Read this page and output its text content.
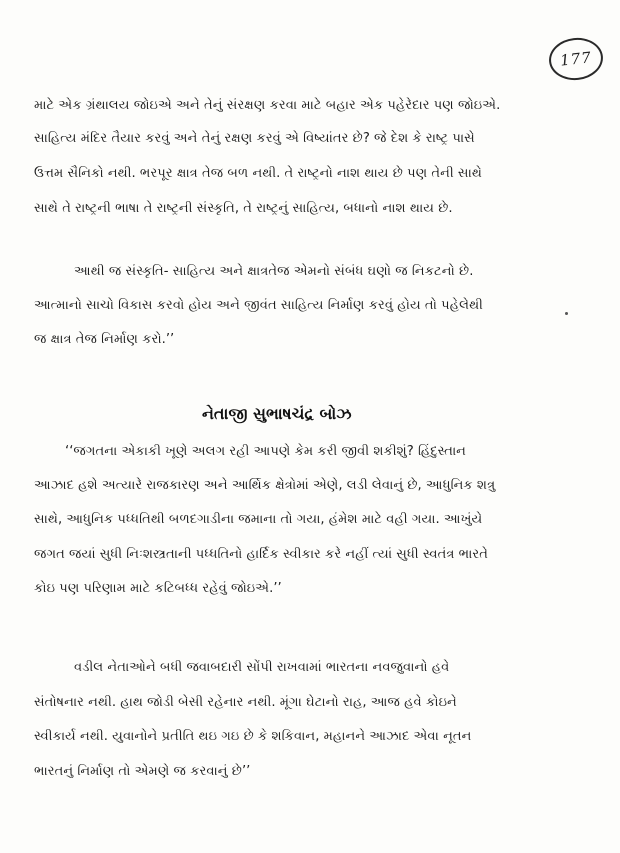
177
માટે એક ગ્રંથાલય જોઇએ અને તેનું સંરક્ષણ કરવા માટે બહાર એક પહેરેદાર પણ જોઇએ.
સાહિત્ય મંદિર તૈયાર કરવું અને તેનું રક્ષણ કરવું એ વિષ્યાંતર છે? જે દેશ કે રાષ્ટ્ર પાસે
ઉત્તમ સૈનિકો નથી. ભરપૂર ક્ષાત્ર તેજ બળ નથી. તે રાષ્ટ્રનો નાશ થાય છે પણ તેની સાથે
સાથે તે રાષ્ટ્રની ભાષા તે રાષ્ટ્રની સંસ્કૃતિ, તે રાષ્ટ્રનું સાહિત્ય, બધાનો નાશ થાય છે.
આથી જ સંસ્કૃતિ- સાહિત્ય અને ક્ષાત્રતેજ એમનો સંબંધ ઘણો જ નિકટનો છે.
આત્માનો સાચો વિકાસ કરવો હોય અને જીવંત સાહિત્ય નિર્માણ કરવું હોય તો પહેલેથી
જ ક્ષાત્ર તેજ નિર્માણ કરો.’’
નેતાજી સુભાષચંદ્ર બોઝ
‘‘જગતના એકાકી ખૂણે અલગ રહી આપણે કેમ કરી જીવી શકીશું? હિંદુસ્તાન
આઝાદ હશે અત્યારે રાજકારણ અને આર્થિક ક્ષેત્રોમાં એણે, લડી લેવાનું છે, આધુનિક શત્રુ
સાથે, આધુનિક પધ્ધતિથી બળદગાડીના જમાના તો ગયા, હંમેશ માટે વહી ગયા. આખુંયે
જગત જયાં સુધી નિઃશસ્ત્રતાની પધ્ધતિનો હાર્દિક સ્વીકાર કરે નહીં ત્યાં સુધી સ્વતંત્ર ભારતે
કોઇ પણ પરિણામ માટે કટિબધ્ધ રહેવું જોઇએ.’’
વડીલ નેતાઓને બધી જવાબદારી સોંપી રાખવામાં ભારતના નવજુવાનો હવે
સંતોષનાર નથી. હાથ જોડી બેસી રહેનાર નથી. મૂંગા ઘેટાનો રાહ, આજ હવે કોઇને
સ્વીકાર્ય નથી. યુવાનોને પ્રતીતિ થઇ ગઇ છે કે શકિવાન, મહાનને આઝાદ એવા નૂતન
ભારતનું નિર્માણ તો એમણે જ કરવાનું છે’’
